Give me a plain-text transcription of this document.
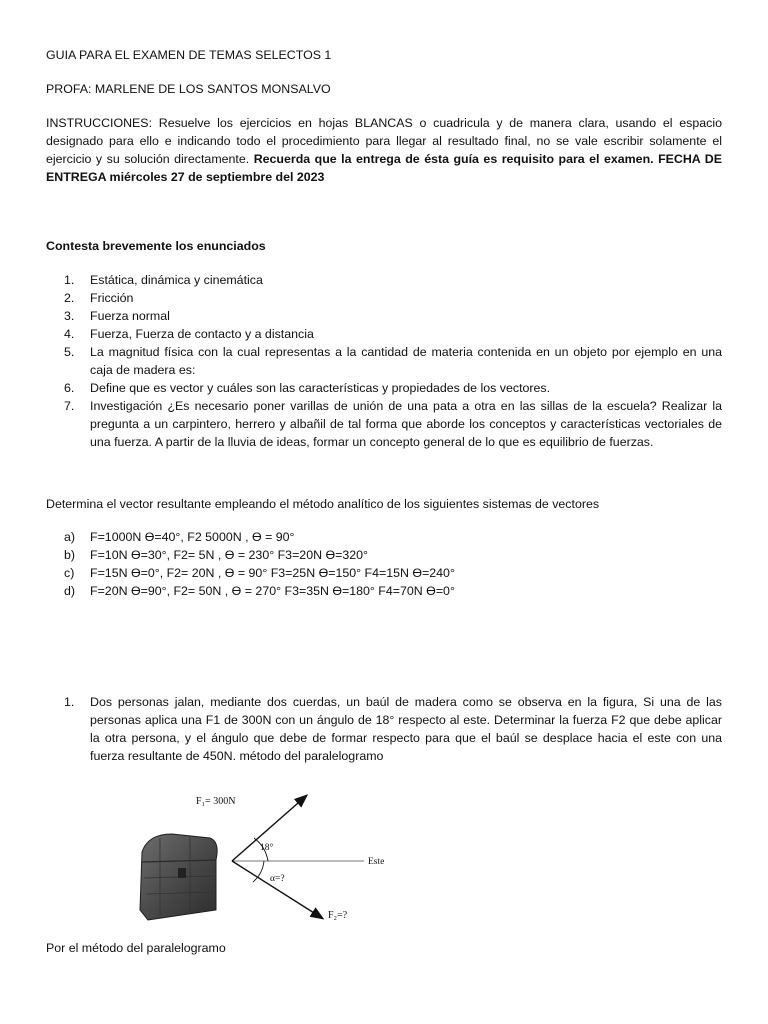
GUIA PARA EL EXAMEN DE TEMAS SELECTOS 1
PROFA: MARLENE DE LOS SANTOS MONSALVO
INSTRUCCIONES: Resuelve los ejercicios en hojas BLANCAS o cuadricula y de manera clara, usando el espacio designado para ello e indicando todo el procedimiento para llegar al resultado final, no se vale escribir solamente el ejercicio y su solución directamente. Recuerda que la entrega de ésta guía es requisito para el examen. FECHA DE ENTREGA miércoles 27 de septiembre del 2023
Contesta brevemente los enunciados
1. Estática, dinámica y cinemática
2. Fricción
3. Fuerza normal
4. Fuerza, Fuerza de contacto y a distancia
5. La magnitud física con la cual representas a la cantidad de materia contenida en un objeto por ejemplo en una caja de madera es:
6. Define que es vector y cuáles son las características y propiedades de los vectores.
7. Investigación ¿Es necesario poner varillas de unión de una pata a otra en las sillas de la escuela? Realizar la pregunta a un carpintero, herrero y albañil de tal forma que aborde los conceptos y características vectoriales de una fuerza. A partir de la lluvia de ideas, formar un concepto general de lo que es equilibrio de fuerzas.
Determina el vector resultante empleando el método analítico de los siguientes sistemas de vectores
a) F=1000N ϴ=40°, F2 5000N , ϴ = 90°
b) F=10N ϴ=30°, F2= 5N , ϴ = 230° F3=20N ϴ=320°
c) F=15N ϴ=0°, F2= 20N , ϴ = 90° F3=25N ϴ=150° F4=15N ϴ=240°
d) F=20N ϴ=90°, F2= 50N , ϴ = 270° F3=35N ϴ=180° F4=70N ϴ=0°
1. Dos personas jalan, mediante dos cuerdas, un baúl de madera como se observa en la figura, Si una de las personas aplica una F1 de 300N con un ángulo de 18° respecto al este. Determinar la fuerza F2 que debe aplicar la otra persona, y el ángulo que debe de formar respecto para que el baúl se desplace hacia el este con una fuerza resultante de 450N. método del paralelogramo
F₁= 300N
18°
Este
α=?
F₂=?
Por el método del paralelogramo
